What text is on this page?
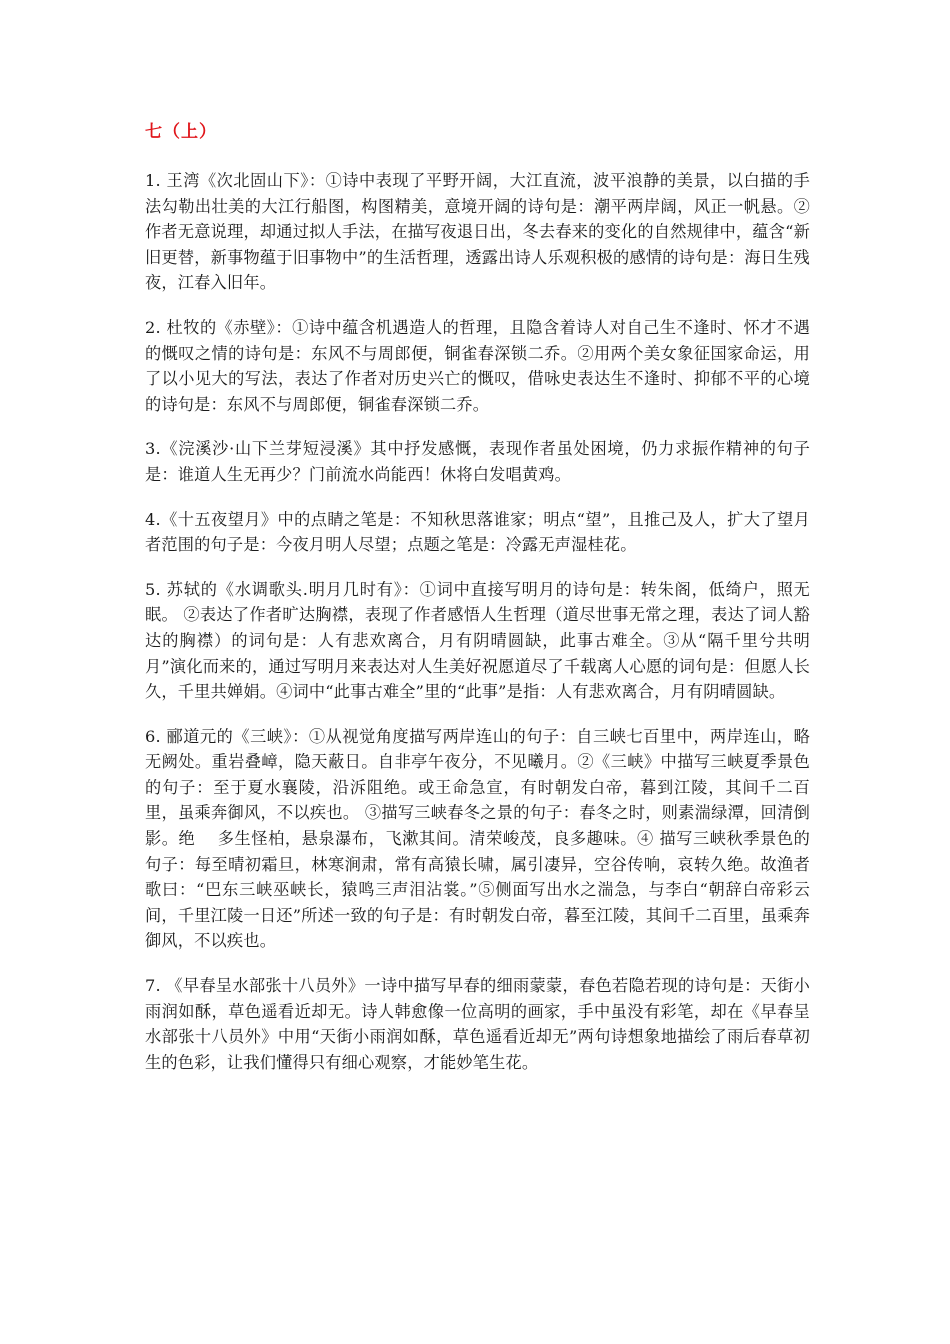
七（上）

1. 王湾《次北固山下》：①诗中表现了平野开阔，大江直流，波平浪静的美景，以白描的手法勾勒出壮美的大江行船图，构图精美，意境开阔的诗句是：潮平两岸阔，风正一帆悬。②作者无意说理，却通过拟人手法，在描写夜退日出，冬去春来的变化的自然规律中，蕴含“新旧更替，新事物蕴于旧事物中”的生活哲理，透露出诗人乐观积极的感情的诗句是：海日生残夜，江春入旧年。

2. 杜牧的《赤壁》：①诗中蕴含机遇造人的哲理，且隐含着诗人对自己生不逢时、怀才不遇的慨叹之情的诗句是：东风不与周郎便，铜雀春深锁二乔。②用两个美女象征国家命运，用了以小见大的写法，表达了作者对历史兴亡的慨叹，借咏史表达生不逢时、抑郁不平的心境的诗句是：东风不与周郎便，铜雀春深锁二乔。

3.《浣溪沙·山下兰芽短浸溪》其中抒发感慨，表现作者虽处困境，仍力求振作精神的句子是：谁道人生无再少？门前流水尚能西！休将白发唱黄鸡。

4.《十五夜望月》中的点睛之笔是：不知秋思落谁家；明点“望”，且推己及人，扩大了望月者范围的句子是：今夜月明人尽望；点题之笔是：冷露无声湿桂花。

5. 苏轼的《水调歌头.明月几时有》：①词中直接写明月的诗句是：转朱阁，低绮户，照无眠。 ②表达了作者旷达胸襟，表现了作者感悟人生哲理（道尽世事无常之理，表达了词人豁达的胸襟）的词句是：人有悲欢离合，月有阴晴圆缺，此事古难全。③从“隔千里兮共明月”演化而来的，通过写明月来表达对人生美好祝愿道尽了千载离人心愿的词句是：但愿人长久，千里共婵娟。④词中“此事古难全”里的“此事”是指：人有悲欢离合，月有阴晴圆缺。

6. 郦道元的《三峡》：①从视觉角度描写两岸连山的句子：自三峡七百里中，两岸连山，略无阙处。重岩叠嶂，隐天蔽日。自非亭午夜分，不见曦月。②《三峡》中描写三峡夏季景色的句子：至于夏水襄陵，沿泝阻绝。或王命急宣，有时朝发白帝，暮到江陵，其间千二百里，虽乘奔御风，不以疾也。 ③描写三峡春冬之景的句子：春冬之时，则素湍绿潭，回清倒影。绝　 多生怪柏，悬泉瀑布，飞漱其间。清荣峻茂，良多趣味。④ 描写三峡秋季景色的句子：每至晴初霜旦，林寒涧肃，常有高猿长啸，属引凄异，空谷传响，哀转久绝。故渔者歌曰：“巴东三峡巫峡长，猿鸣三声泪沾裳。”⑤侧面写出水之湍急，与李白“朝辞白帝彩云间，千里江陵一日还”所述一致的句子是：有时朝发白帝，暮至江陵，其间千二百里，虽乘奔御风，不以疾也。

7. 《早春呈水部张十八员外》一诗中描写早春的细雨蒙蒙，春色若隐若现的诗句是：天街小雨润如酥，草色遥看近却无。诗人韩愈像一位高明的画家，手中虽没有彩笔，却在《早春呈水部张十八员外》中用“天街小雨润如酥，草色遥看近却无”两句诗想象地描绘了雨后春草初生的色彩，让我们懂得只有细心观察，才能妙笔生花。
